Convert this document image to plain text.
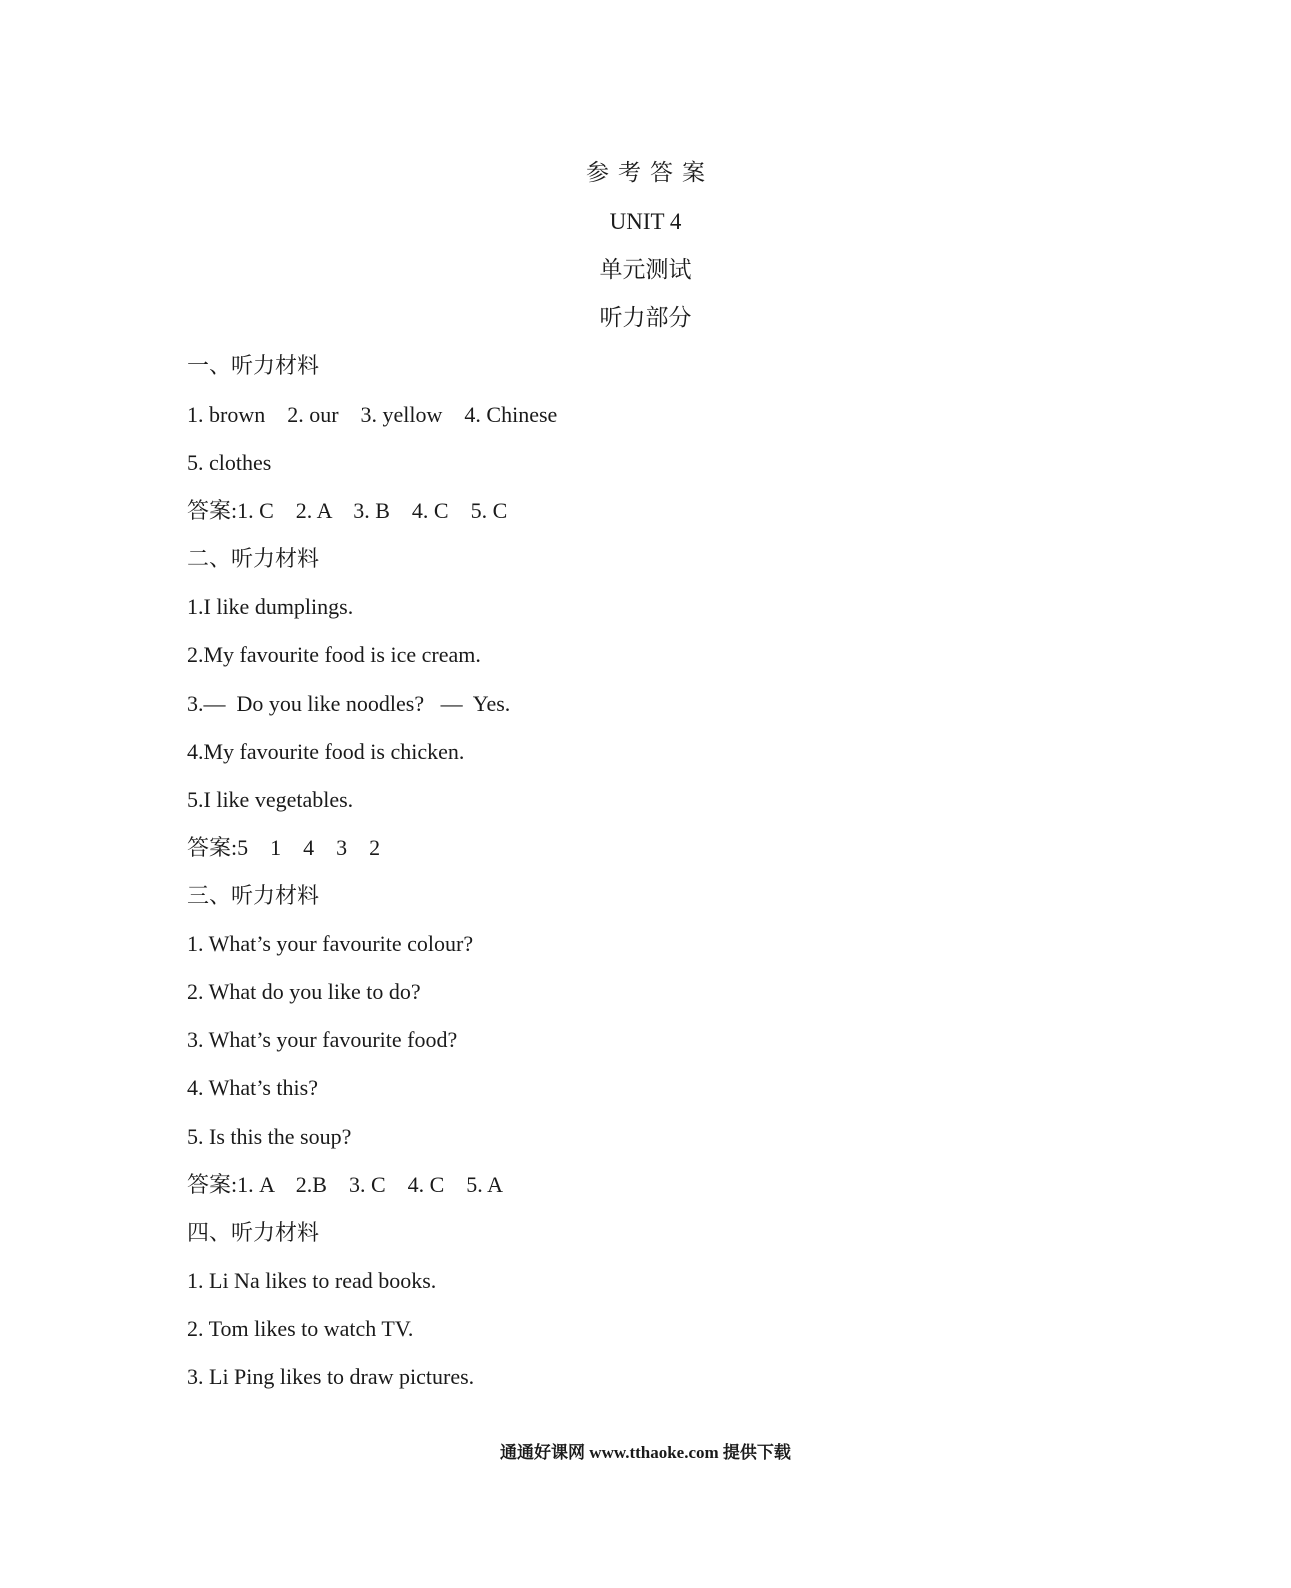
参考答案
UNIT 4
单元测试
听力部分
一、听力材料
1. brown    2. our    3. yellow    4. Chinese
5. clothes
答案:1. C    2. A    3. B    4. C    5. C
二、听力材料
1.I like dumplings.
2.My favourite food is ice cream.
3.—  Do you like noodles?   —  Yes.
4.My favourite food is chicken.
5.I like vegetables.
答案:5    1    4    3    2
三、听力材料
1. What’s your favourite colour?
2. What do you like to do?
3. What’s your favourite food?
4. What’s this?
5. Is this the soup?
答案:1. A    2.B    3. C    4. C    5. A
四、听力材料
1. Li Na likes to read books.
2. Tom likes to watch TV.
3. Li Ping likes to draw pictures.
通通好课网 www.tthaoke.com 提供下载
